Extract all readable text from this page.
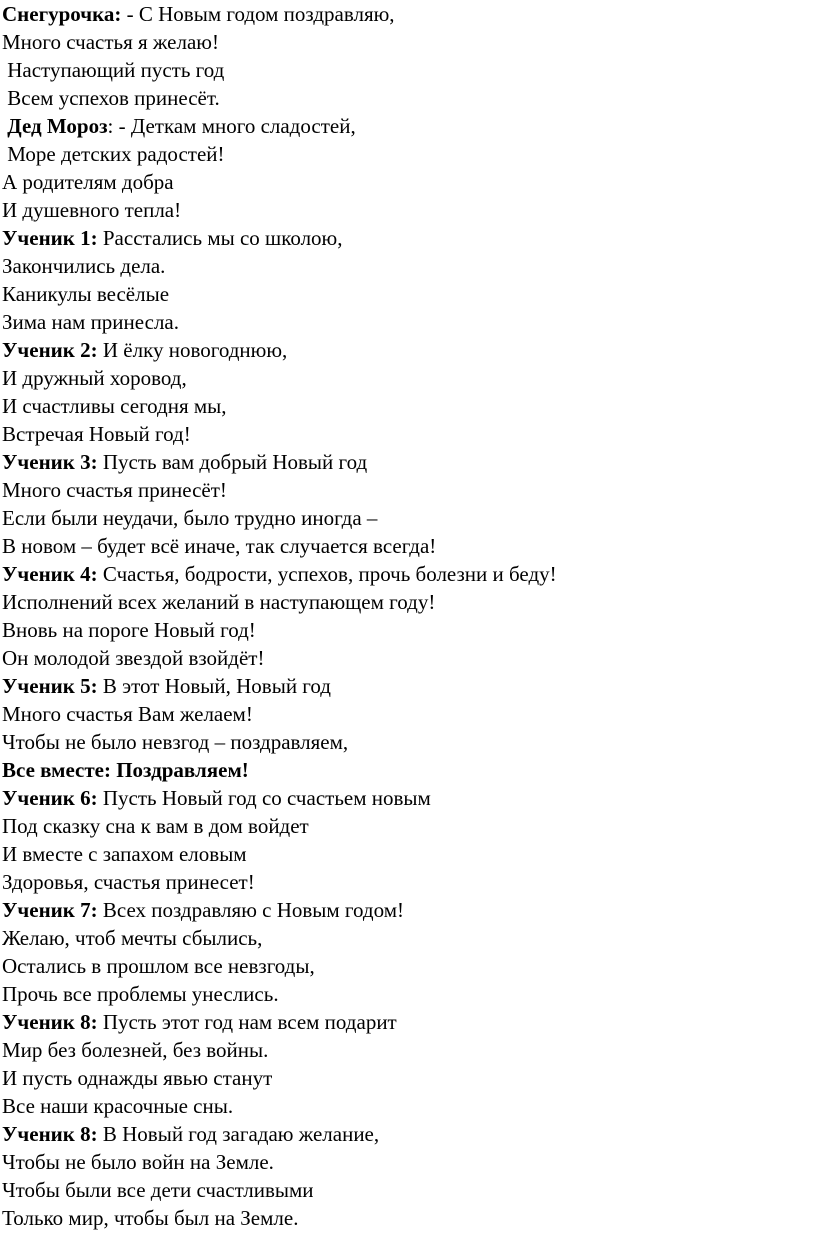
Снегурочка: - С Новым годом поздравляю,
Много счастья я желаю!
Наступающий пусть год
Всем успехов принесёт.
Дед Мороз: - Деткам много сладостей,
Море детских радостей!
А родителям добра
И душевного тепла!
Ученик 1: Расстались мы со школою,
Закончились дела.
Каникулы весёлые
Зима нам принесла.
Ученик 2: И ёлку новогоднюю,
И дружный хоровод,
И счастливы сегодня мы,
Встречая Новый год!
Ученик 3: Пусть вам добрый Новый год
Много счастья принесёт!
Если были неудачи, было трудно иногда –
В новом – будет всё иначе, так случается всегда!
Ученик 4: Счастья, бодрости, успехов, прочь болезни и беду!
Исполнений всех желаний в наступающем году!
Вновь на пороге Новый год!
Он молодой звездой взойдёт!
Ученик 5: В этот Новый, Новый год
Много счастья Вам желаем!
Чтобы не было невзгод – поздравляем,
Все вместе: Поздравляем!
Ученик 6: Пусть Новый год со счастьем новым
Под сказку сна к вам в дом войдет
И вместе с запахом еловым
Здоровья, счастья принесет!
Ученик 7: Всех поздравляю с Новым годом!
Желаю, чтоб мечты сбылись,
Остались в прошлом все невзгоды,
Прочь все проблемы унеслись.
Ученик 8: Пусть этот год нам всем подарит
Мир без болезней, без войны.
И пусть однажды явью станут
Все наши красочные сны.
Ученик 8: В Новый год загадаю желание,
Чтобы не было войн на Земле.
Чтобы были все дети счастливыми
Только мир, чтобы был на Земле.
